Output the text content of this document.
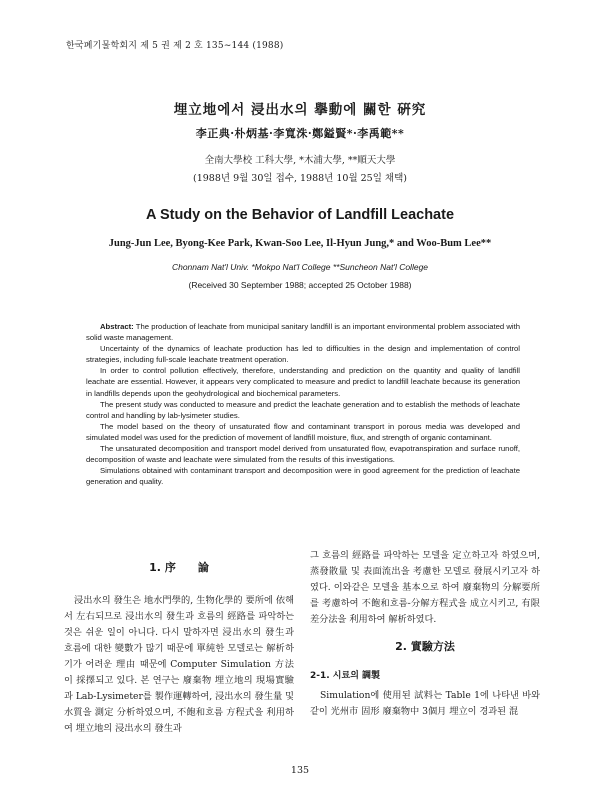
한국폐기물학회지 제 5 권 제 2 호 135∼144 (1988)
埋立地에서 浸出水의 擧動에 關한 硏究
李正典·朴炳基·李寬洙·鄭鎰賢*·李禹範**
全南大學校 工科大學, *木浦大學, **順天大學
(1988년 9월 30일 접수, 1988년 10월 25일 채택)
A Study on the Behavior of Landfill Leachate
Jung-Jun Lee, Byong-Kee Park, Kwan-Soo Lee, Il-Hyun Jung,* and Woo-Bum Lee**
Chonnam Nat'l Univ. *Mokpo Nat'l College **Suncheon Nat'l College
(Received 30 September 1988; accepted 25 October 1988)

Abstract: The production of leachate from municipal sanitary landfill is an important environmental problem associated with solid waste management.

Uncertainty of the dynamics of leachate production has led to difficulties in the design and implementation of control strategies, including full-scale leachate treatment operation.

In order to control pollution effectively, therefore, understanding and prediction on the quantity and quality of landfill leachate are essential. However, it appears very complicated to measure and predict to landfill leachate because its generation in landfills depends upon the geohydrological and biochemical parameters.

The present study was conducted to measure and predict the leachate generation and to establish the methods of leachate control and handling by lab-lysimeter studies.

The model based on the theory of unsaturated flow and contaminant transport in porous media was developed and simulated model was used for the prediction of movement of landfill moisture, flux, and strength of organic contaminant.

The unsaturated decomposition and transport model derived from unsaturated flow, evapotranspiration and surface runoff, decomposition of waste and leachate were simulated from the results of this investigations.

Simulations obtained with contaminant transport and decomposition were in good agreement for the prediction of leachate generation and quality.

1. 序　　論

浸出水의 發生은 地水門學的, 生物化學的 要所에 依해서 左右되므로 浸出水의 發生과 흐름의 經路를 파악하는 것은 쉬운 일이 아니다. 다시 말하자면 浸出水의 發生과 흐름에 대한 變數가 많기 때문에 單純한 모델로는 解析하기가 어려운 理由 때문에 Computer Simulation 方法이 採擇되고 있다. 본 연구는 廢棄物 埋立地의 現場實驗과 Lab-Lysimeter를 製作運轉하여, 浸出水의 發生量 및 水質을 測定 分析하였으며, 不飽和흐름 方程式을 利用하여 埋立地의 浸出水의 發生과

그 흐름의 經路를 파악하는 모델을 定立하고자 하였으며, 蒸發散量 및 表面流出을 考慮한 모델로 發展시키고자 하였다. 이와같은 모델을 基本으로 하여 廢棄物의 分解要所를 考慮하여 不飽和흐름-分解方程式을 成立시키고, 有限差分法을 利用하여 解析하였다.

2. 實驗方法
2-1. 시료의 調製

Simulation에 使用된 試料는 Table 1에 나타낸 바와 같이 光州市 固形 廢棄物中 3個月 埋立이 경과된 混

135
